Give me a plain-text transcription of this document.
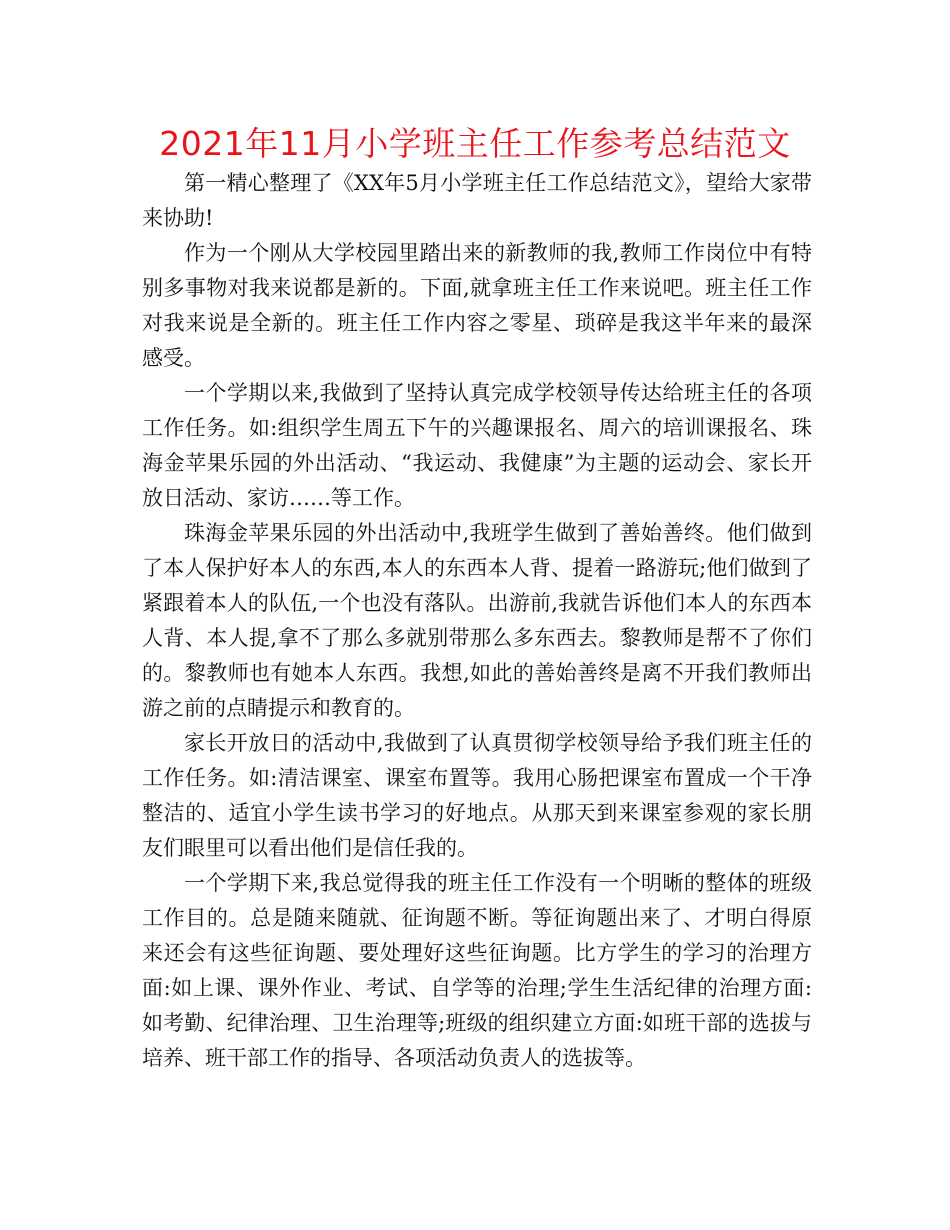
2021年11月小学班主任工作参考总结范文

第一精心整理了《XX年5月小学班主任工作总结范文》，望给大家带来协助!

作为一个刚从大学校园里踏出来的新教师的我,教师工作岗位中有特别多事物对我来说都是新的。下面,就拿班主任工作来说吧。班主任工作对我来说是全新的。班主任工作内容之零星、琐碎是我这半年来的最深感受。

一个学期以来,我做到了坚持认真完成学校领导传达给班主任的各项工作任务。如:组织学生周五下午的兴趣课报名、周六的培训课报名、珠海金苹果乐园的外出活动、“我运动、我健康”为主题的运动会、家长开放日活动、家访……等工作。

珠海金苹果乐园的外出活动中,我班学生做到了善始善终。他们做到了本人保护好本人的东西,本人的东西本人背、提着一路游玩;他们做到了紧跟着本人的队伍,一个也没有落队。出游前,我就告诉他们本人的东西本人背、本人提,拿不了那么多就别带那么多东西去。黎教师是帮不了你们的。黎教师也有她本人东西。我想,如此的善始善终是离不开我们教师出游之前的点睛提示和教育的。

家长开放日的活动中,我做到了认真贯彻学校领导给予我们班主任的工作任务。如:清洁课室、课室布置等。我用心肠把课室布置成一个干净整洁的、适宜小学生读书学习的好地点。从那天到来课室参观的家长朋友们眼里可以看出他们是信任我的。

一个学期下来,我总觉得我的班主任工作没有一个明晰的整体的班级工作目的。总是随来随就、征询题不断。等征询题出来了、才明白得原来还会有这些征询题、要处理好这些征询题。比方学生的学习的治理方面:如上课、课外作业、考试、自学等的治理;学生生活纪律的治理方面:如考勤、纪律治理、卫生治理等;班级的组织建立方面:如班干部的选拔与培养、班干部工作的指导、各项活动负责人的选拔等。
